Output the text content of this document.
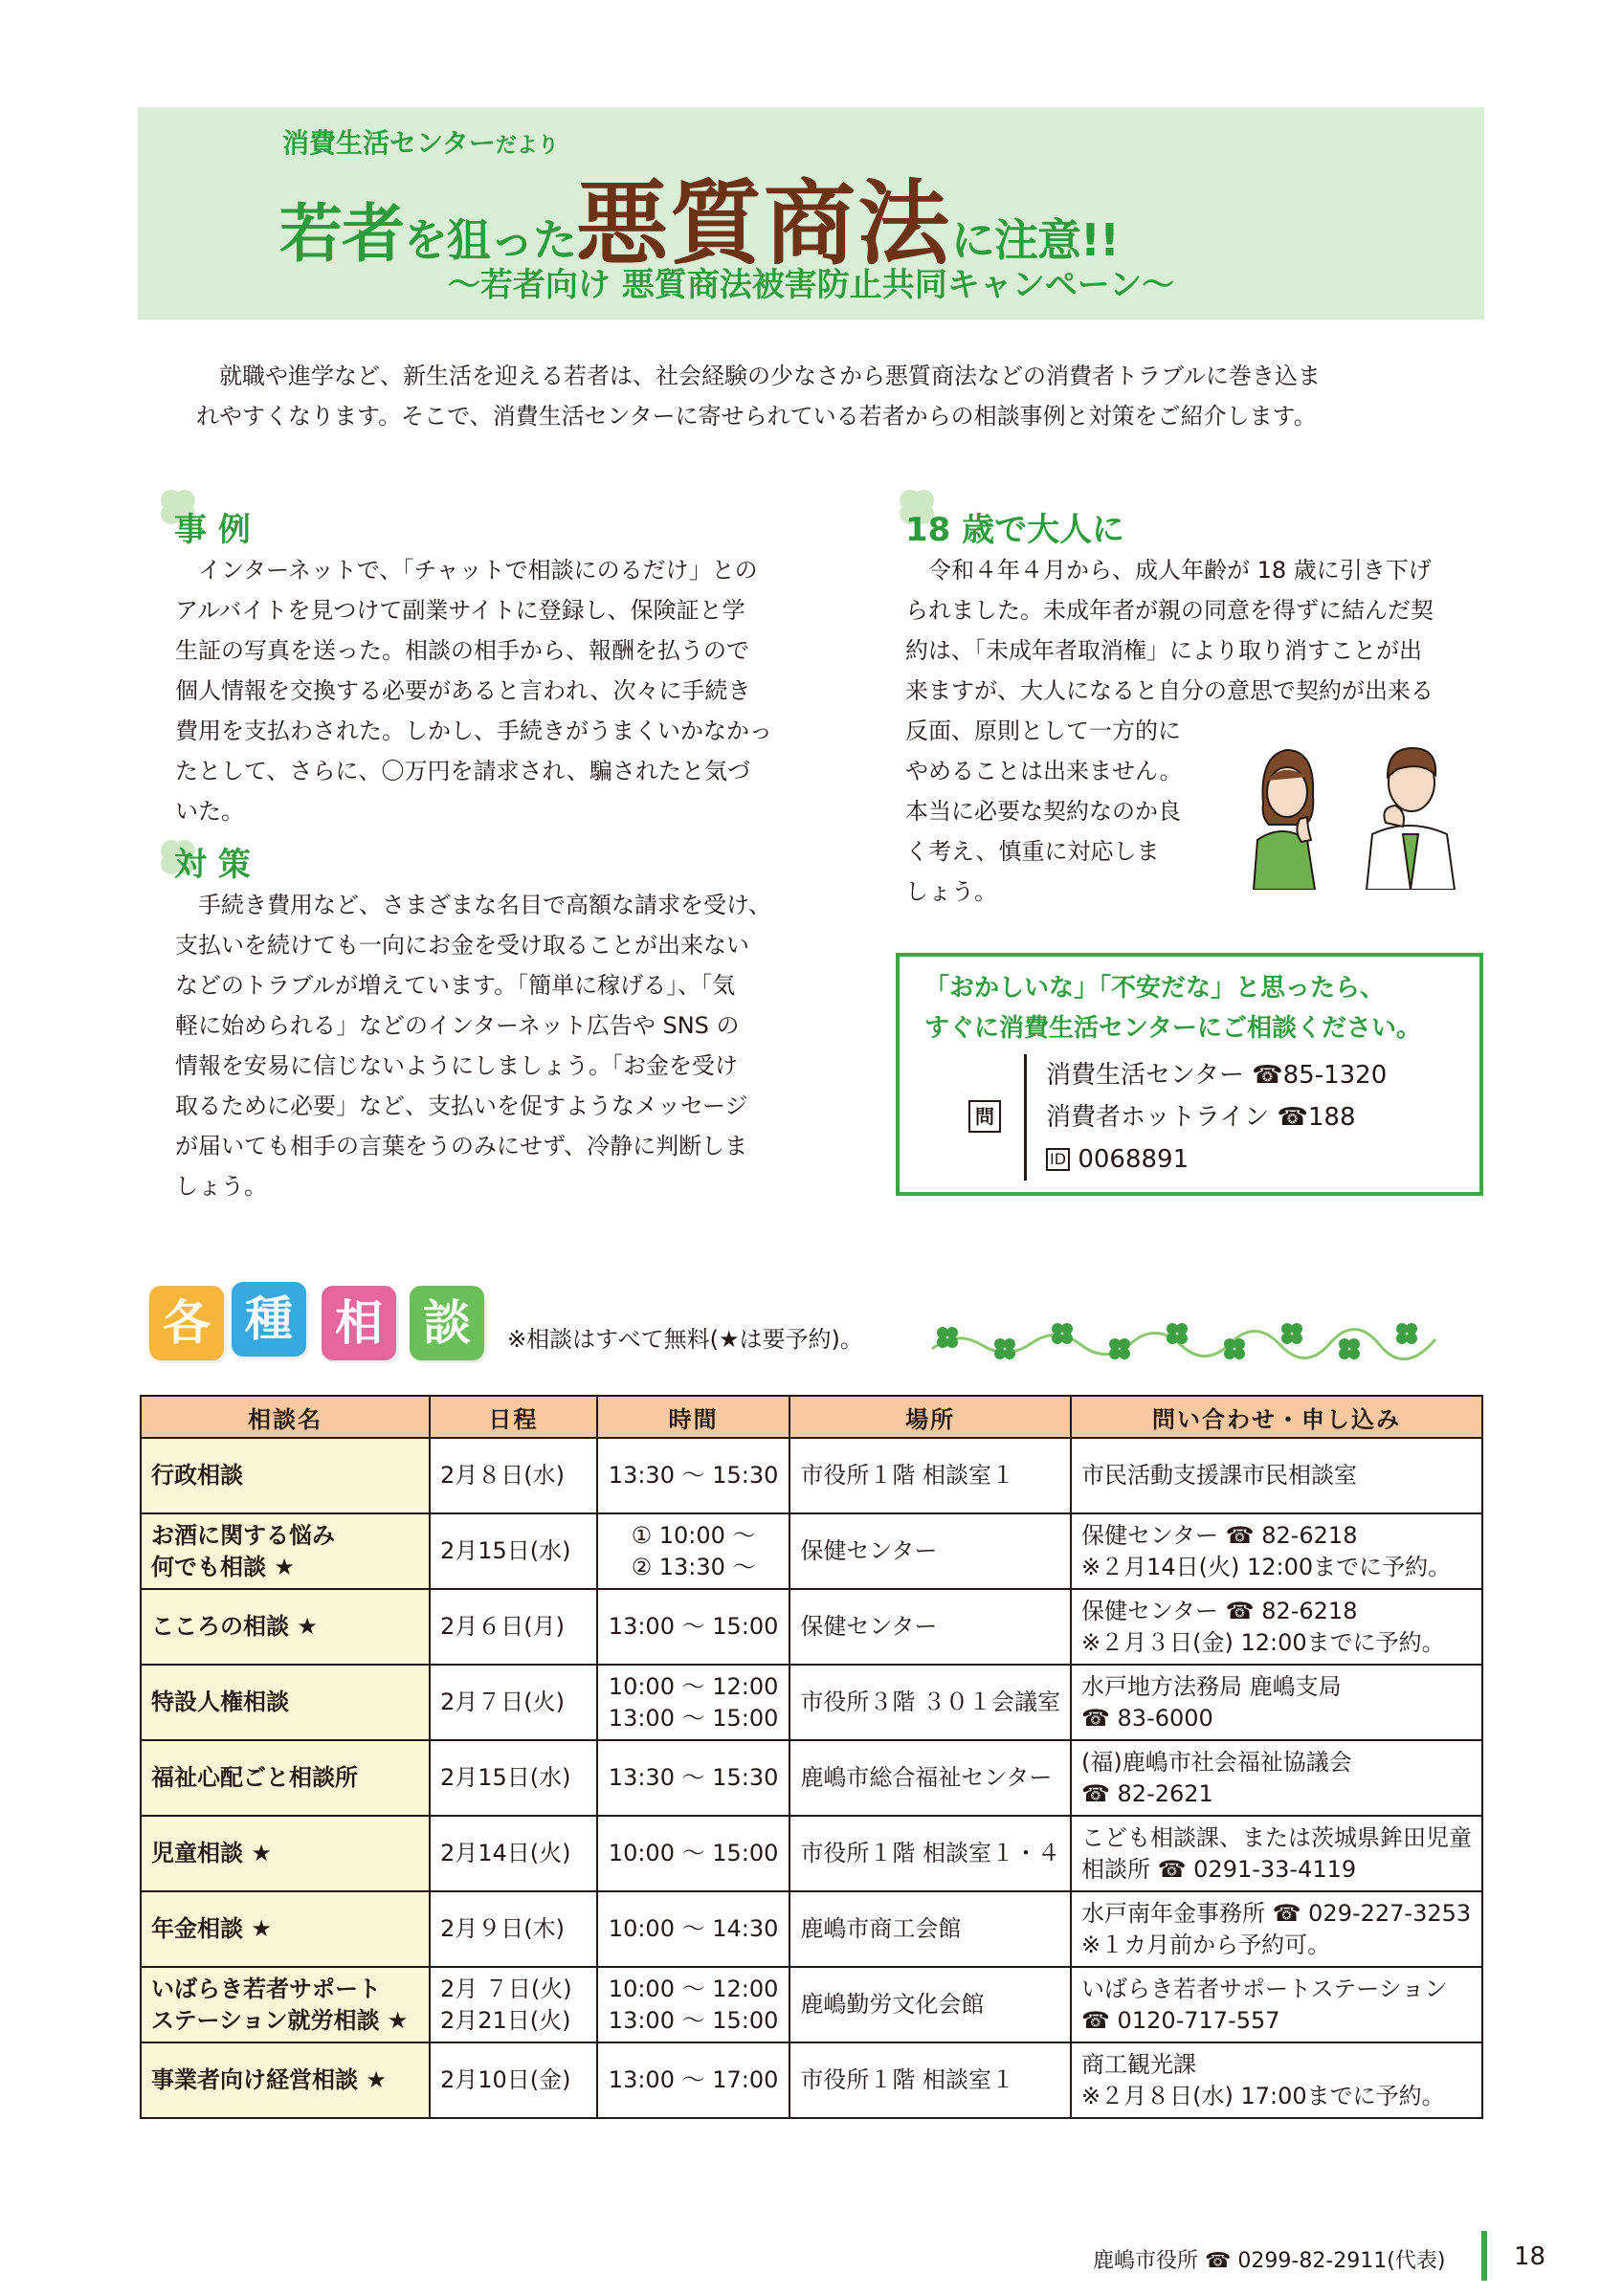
消費生活センターだより
若者を狙った悪質商法に注意!!
～若者向け 悪質商法被害防止共同キャンペーン～

就職や進学など、新生活を迎える若者は、社会経験の少なさから悪質商法などの消費者トラブルに巻き込ま

れやすくなります。そこで、消費生活センターに寄せられている若者からの相談事例と対策をご紹介します。

事 例

インターネットで、「チャットで相談にのるだけ」との

アルバイトを見つけて副業サイトに登録し、保険証と学

生証の写真を送った。相談の相手から、報酬を払うので

個人情報を交換する必要があると言われ、次々に手続き

費用を支払わされた。しかし、手続きがうまくいかなかっ

たとして、さらに、〇万円を請求され、騙されたと気づ

いた。

対 策

手続き費用など、さまざまな名目で高額な請求を受け、

支払いを続けても一向にお金を受け取ることが出来ない

などのトラブルが増えています。「簡単に稼げる」、「気

軽に始められる」などのインターネット広告や SNS の

情報を安易に信じないようにしましょう。「お金を受け

取るために必要」など、支払いを促すようなメッセージ

が届いても相手の言葉をうのみにせず、冷静に判断しま

しょう。

18 歳で大人に

令和４年４月から、成人年齢が 18 歳に引き下げ

られました。未成年者が親の同意を得ずに結んだ契

約は、「未成年者取消権」により取り消すことが出

来ますが、大人になると自分の意思で契約が出来る

反面、原則として一方的に

やめることは出来ません。

本当に必要な契約なのか良

く考え、慎重に対応しま

しょう。

「おかしいな」「不安だな」と思ったら、

すぐに消費生活センターにご相談ください。

問

消費生活センター ☎85-1320

消費者ホットライン ☎188

ID 0068891

各 種 相 談	※相談はすべて無料(★は要予約)。
相談名	日程	時間	場所	問い合わせ・申し込み

行政相談	2月８日(水)	13:30 ～ 15:30	市役所１階 相談室１	市民活動支援課市民相談室

お酒に関する悩み
何でも相談 ★	2月15日(水)	① 10:00 ～
② 13:30 ～	保健センター	保健センター ☎ 82-6218
※２月14日(火) 12:00までに予約。

こころの相談 ★	2月６日(月)	13:00 ～ 15:00	保健センター	保健センター ☎ 82-6218
※２月３日(金) 12:00までに予約。

特設人権相談	2月７日(火)	10:00 ～ 12:00
13:00 ～ 15:00	市役所３階 ３０１会議室	水戸地方法務局 鹿嶋支局
☎ 83-6000

福祉心配ごと相談所	2月15日(水)	13:30 ～ 15:30	鹿嶋市総合福祉センター	(福)鹿嶋市社会福祉協議会
☎ 82-2621

児童相談 ★	2月14日(火)	10:00 ～ 15:00	市役所１階 相談室１・４	こども相談課、または茨城県鉾田児童
相談所 ☎ 0291-33-4119

年金相談 ★	2月９日(木)	10:00 ～ 14:30	鹿嶋市商工会館	水戸南年金事務所 ☎ 029-227-3253
※１カ月前から予約可。

いばらき若者サポート
ステーション就労相談 ★	2月 ７日(火)
2月21日(火)	10:00 ～ 12:00
13:00 ～ 15:00	鹿嶋勤労文化会館	いばらき若者サポートステーション
☎ 0120-717-557

事業者向け経営相談 ★	2月10日(金)	13:00 ～ 17:00	市役所１階 相談室１	商工観光課
※２月８日(水) 17:00までに予約。
鹿嶋市役所 ☎ 0299-82-2911(代表)	18
